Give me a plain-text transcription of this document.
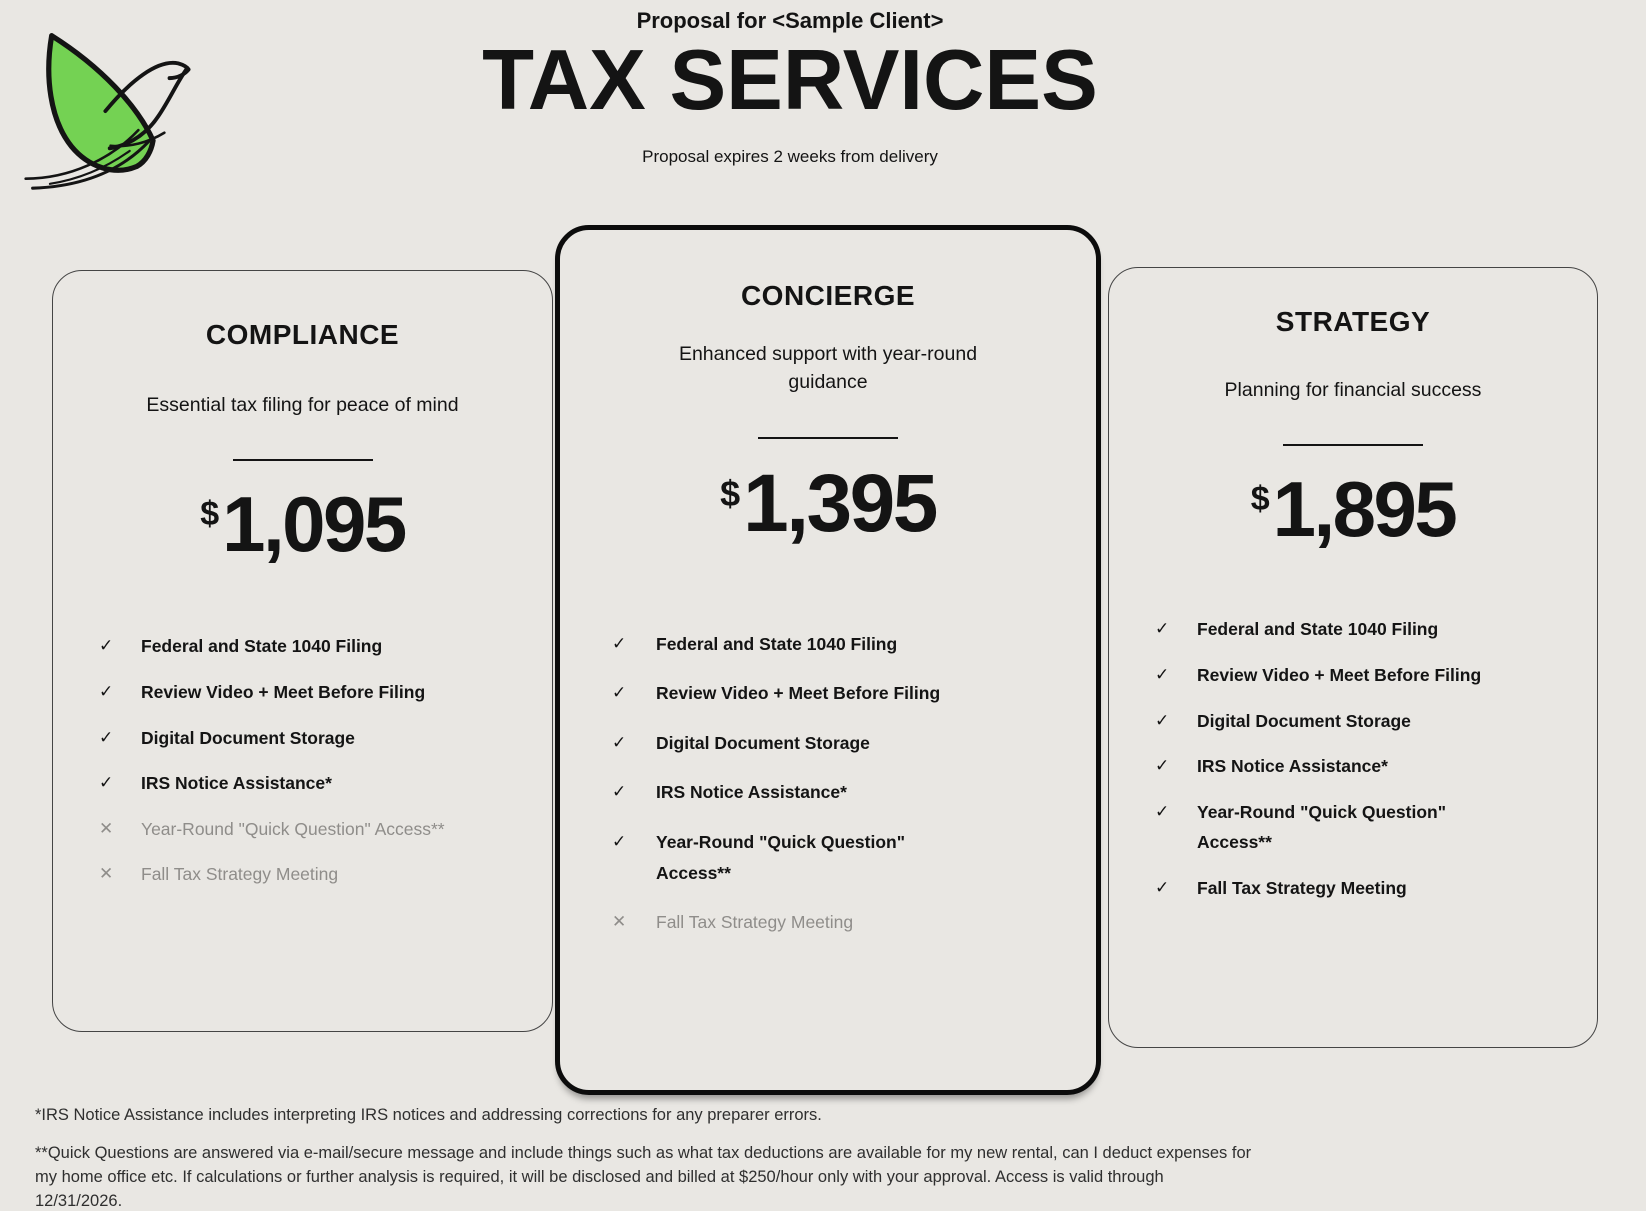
Proposal for <Sample Client>
TAX SERVICES
Proposal expires 2 weeks from delivery
COMPLIANCE

Essential tax filing for peace of mind

$ 1,095
✓ Federal and State 1040 Filing
✓ Review Video + Meet Before Filing
✓ Digital Document Storage
✓ IRS Notice Assistance*
✕ Year-Round "Quick Question" Access**
✕ Fall Tax Strategy Meeting
CONCIERGE

Enhanced support with year-round guidance

$ 1,395
✓ Federal and State 1040 Filing
✓ Review Video + Meet Before Filing
✓ Digital Document Storage
✓ IRS Notice Assistance*
✓ Year-Round "Quick Question" Access**
✕ Fall Tax Strategy Meeting
STRATEGY

Planning for financial success

$ 1,895
✓ Federal and State 1040 Filing
✓ Review Video + Meet Before Filing
✓ Digital Document Storage
✓ IRS Notice Assistance*
✓ Year-Round "Quick Question" Access**
✓ Fall Tax Strategy Meeting

*IRS Notice Assistance includes interpreting IRS notices and addressing corrections for any preparer errors.

**Quick Questions are answered via e-mail/secure message and include things such as what tax deductions are available for my new rental, can I deduct expenses for my home office etc. If calculations or further analysis is required, it will be disclosed and billed at $250/hour only with your approval. Access is valid through 12/31/2026.
